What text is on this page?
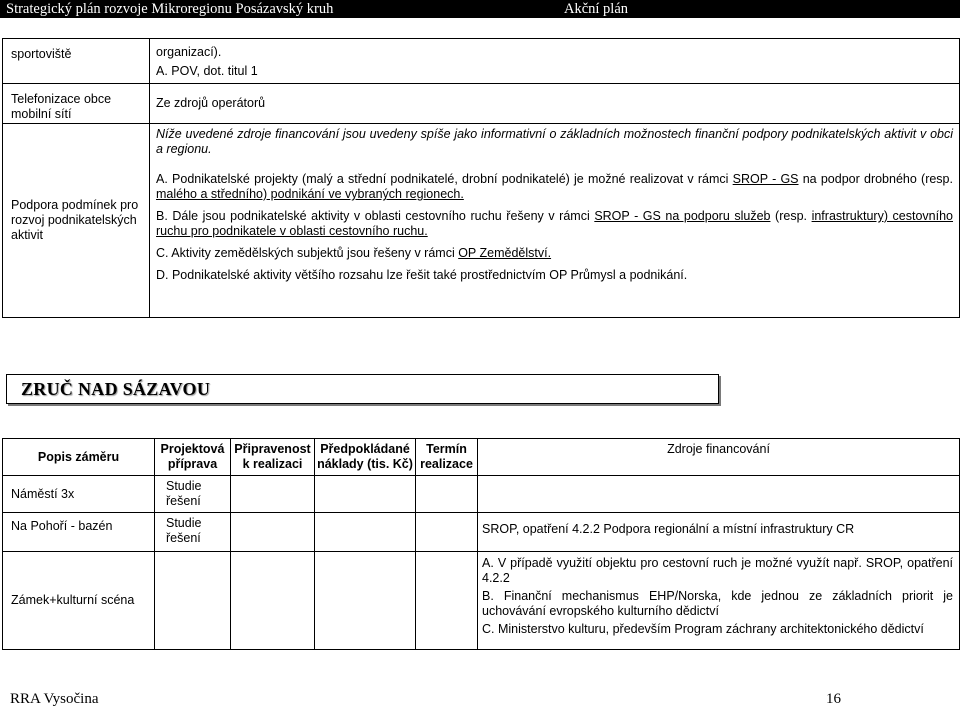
Strategický plán rozvoje Mikroregionu Posázavský kruh	Akční plán
sportoviště	organizací).
A. POV, dot. titul 1

Telefonizace obce mobilní sítí	Ze zdrojů operátorů

Podpora podmínek pro rozvoj podnikatelských aktivit	Níže uvedené zdroje financování jsou uvedeny spíše jako informativní o základních možnostech finanční podpory podnikatelských aktivit v obci a regionu.

A. Podnikatelské projekty (malý a střední podnikatelé, drobní podnikatelé) je možné realizovat v rámci SROP - GS na podpor drobného (resp. malého a středního) podnikání ve vybraných regionech.

B. Dále jsou podnikatelské aktivity v oblasti cestovního ruchu řešeny v rámci SROP - GS na podporu služeb (resp. infrastruktury) cestovního ruchu pro podnikatele v oblasti cestovního ruchu.

C. Aktivity zemědělských subjektů jsou řešeny v rámci OP Zemědělství.

D. Podnikatelské aktivity většího rozsahu lze řešit také prostřednictvím OP Průmysl a podnikání.

ZRUČ NAD SÁZAVOU
Popis záměru	Projektová příprava	Připravenost k realizaci	Předpokládané náklady (tis. Kč)	Termín realizace	Zdroje financování
Náměstí 3x	Studie řešení				
Na Pohoří - bazén	Studie řešení				SROP, opatření 4.2.2 Podpora regionální a místní infrastruktury CR
Zámek+kulturní scéna					A. V případě využití objektu pro cestovní ruch je možné využít např. SROP, opatření 4.2.2

B. Finanční mechanismus EHP/Norska, kde jednou ze základních priorit je uchovávání evropského kulturního dědictví

C. Ministerstvo kulturu, především Program záchrany architektonického dědictví

RRA Vysočina	16
